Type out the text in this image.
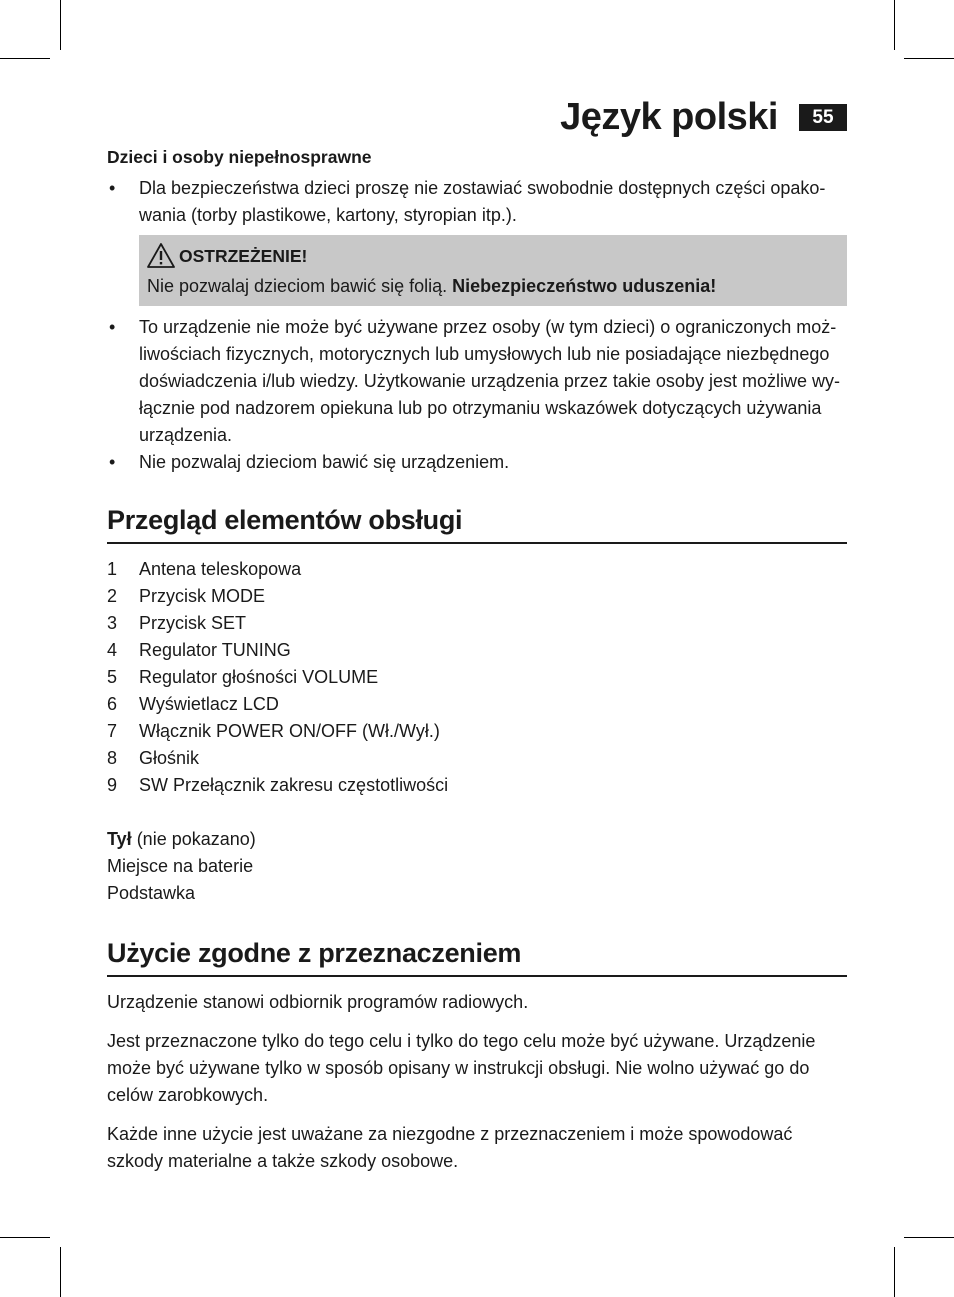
Język polski	55

Dzieci i osoby niepełnosprawne

• Dla bezpieczeństwa dzieci proszę nie zostawiać swobodnie dostępnych części opako- wania (torby plastikowe, kartony, styropian itp.).
OSTRZEŻENIE!
Nie pozwalaj dzieciom bawić się folią. Niebezpieczeństwo uduszenia!
• To urządzenie nie może być używane przez osoby (w tym dzieci) o ograniczonych moż- liwościach fizycznych, motorycznych lub umysłowych lub nie posiadające niezbędnego doświadczenia i/lub wiedzy. Użytkowanie urządzenia przez takie osoby jest możliwe wy- łącznie pod nadzorem opiekuna lub po otrzymaniu wskazówek dotyczących używania urządzenia.
• Nie pozwalaj dzieciom bawić się urządzeniem.
Przegląd elementów obsługi
1	Antena teleskopowa
2	Przycisk MODE
3	Przycisk SET
4	Regulator TUNING
5	Regulator głośności VOLUME
6	Wyświetlacz LCD
7	Włącznik POWER ON/OFF (Wł./Wył.)
8	Głośnik
9	SW Przełącznik zakresu częstotliwości

Tył (nie pokazano)

Miejsce na baterie

Podstawka

Użycie zgodne z przeznaczeniem

Urządzenie stanowi odbiornik programów radiowych.

Jest przeznaczone tylko do tego celu i tylko do tego celu może być używane. Urządzenie może być używane tylko w sposób opisany w instrukcji obsługi. Nie wolno używać go do celów zarobkowych.

Każde inne użycie jest uważane za niezgodne z przeznaczeniem i może spowodować szkody materialne a także szkody osobowe.
